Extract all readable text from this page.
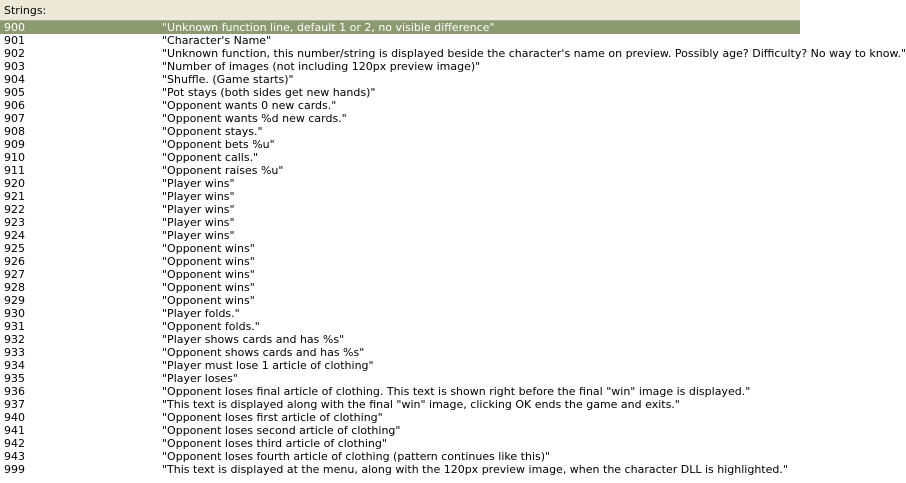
Strings:
900	"Unknown function line, default 1 or 2, no visible difference"
901	"Character's Name"
902	"Unknown function, this number/string is displayed beside the character's name on preview. Possibly age? Difficulty? No way to know."
903	"Number of images (not including 120px preview image)"
904	"Shuffle. (Game starts)"
905	"Pot stays (both sides get new hands)"
906	"Opponent wants 0 new cards."
907	"Opponent wants %d new cards."
908	"Opponent stays."
909	"Opponent bets %u"
910	"Opponent calls."
911	"Opponent raises %u"
920	"Player wins"
921	"Player wins"
922	"Player wins"
923	"Player wins"
924	"Player wins"
925	"Opponent wins"
926	"Opponent wins"
927	"Opponent wins"
928	"Opponent wins"
929	"Opponent wins"
930	"Player folds."
931	"Opponent folds."
932	"Player shows cards and has %s"
933	"Opponent shows cards and has %s"
934	"Player must lose 1 article of clothing"
935	"Player loses"
936	"Opponent loses final article of clothing. This text is shown right before the final "win" image is displayed."
937	"This text is displayed along with the final "win" image, clicking OK ends the game and exits."
940	"Opponent loses first article of clothing"
941	"Opponent loses second article of clothing"
942	"Opponent loses third article of clothing"
943	"Opponent loses fourth article of clothing (pattern continues like this)"
999	"This text is displayed at the menu, along with the 120px preview image, when the character DLL is highlighted."
